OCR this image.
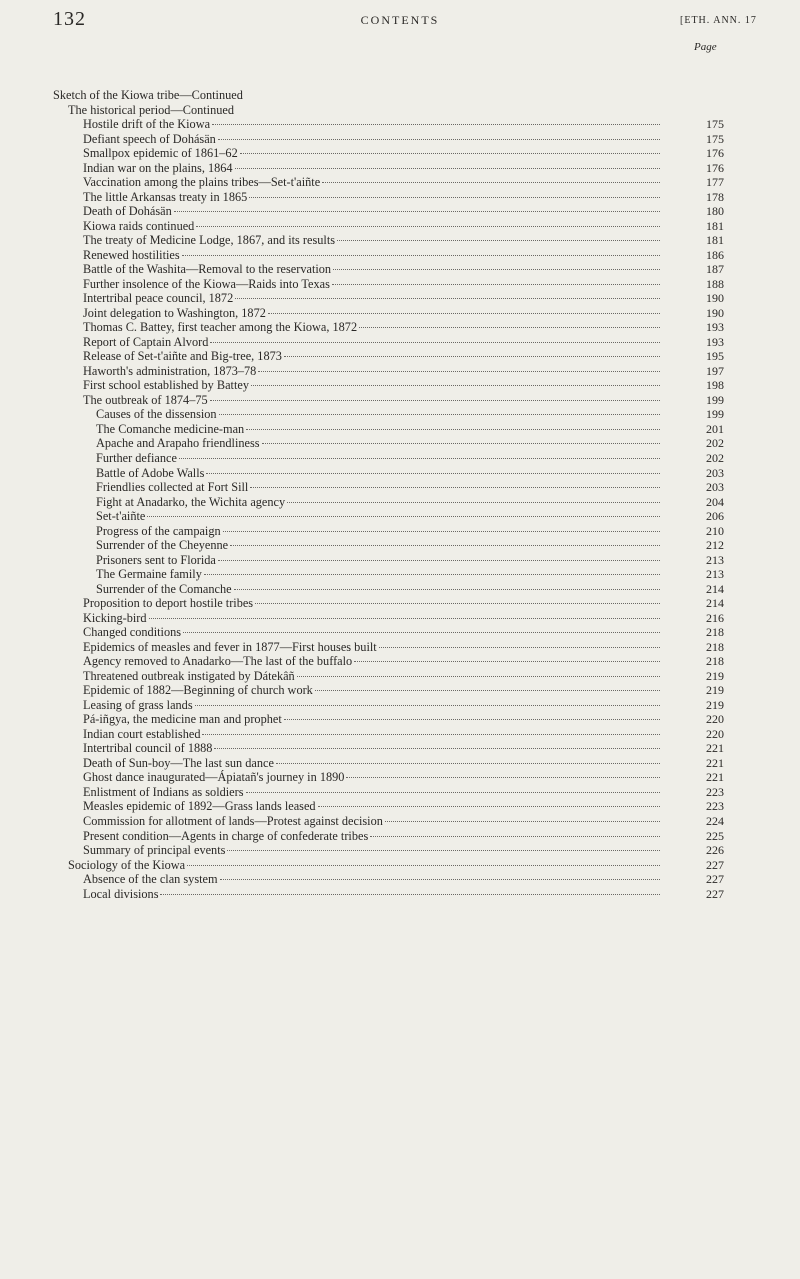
132	CONTENTS	[ETH. ANN. 17
Page
Sketch of the Kiowa tribe—Continued
The historical period—Continued
Hostile drift of the Kiowa	175
Defiant speech of Dohásän	175
Smallpox epidemic of 1861–62	176
Indian war on the plains, 1864	176
Vaccination among the plains tribes—Set-t'aiñte	177
The little Arkansas treaty in 1865	178
Death of Dohásän	180
Kiowa raids continued	181
The treaty of Medicine Lodge, 1867, and its results	181
Renewed hostilities	186
Battle of the Washita—Removal to the reservation	187
Further insolence of the Kiowa—Raids into Texas	188
Intertribal peace council, 1872	190
Joint delegation to Washington, 1872	190
Thomas C. Battey, first teacher among the Kiowa, 1872	193
Report of Captain Alvord	193
Release of Set-t'aiñte and Big-tree, 1873	195
Haworth's administration, 1873–78	197
First school established by Battey	198
The outbreak of 1874–75	199
Causes of the dissension	199
The Comanche medicine-man	201
Apache and Arapaho friendliness	202
Further defiance	202
Battle of Adobe Walls	203
Friendlies collected at Fort Sill	203
Fight at Anadarko, the Wichita agency	204
Set-t'aiñte	206
Progress of the campaign	210
Surrender of the Cheyenne	212
Prisoners sent to Florida	213
The Germaine family	213
Surrender of the Comanche	214
Proposition to deport hostile tribes	214
Kicking-bird	216
Changed conditions	218
Epidemics of measles and fever in 1877—First houses built	218
Agency removed to Anadarko—The last of the buffalo	218
Threatened outbreak instigated by Dátekâñ	219
Epidemic of 1882—Beginning of church work	219
Leasing of grass lands	219
Pá-iñgya, the medicine man and prophet	220
Indian court established	220
Intertribal council of 1888	221
Death of Sun-boy—The last sun dance	221
Ghost dance inaugurated—Ápiatañ's journey in 1890	221
Enlistment of Indians as soldiers	223
Measles epidemic of 1892—Grass lands leased	223
Commission for allotment of lands—Protest against decision	224
Present condition—Agents in charge of confederate tribes	225
Summary of principal events	226
Sociology of the Kiowa	227
Absence of the clan system	227
Local divisions	227
